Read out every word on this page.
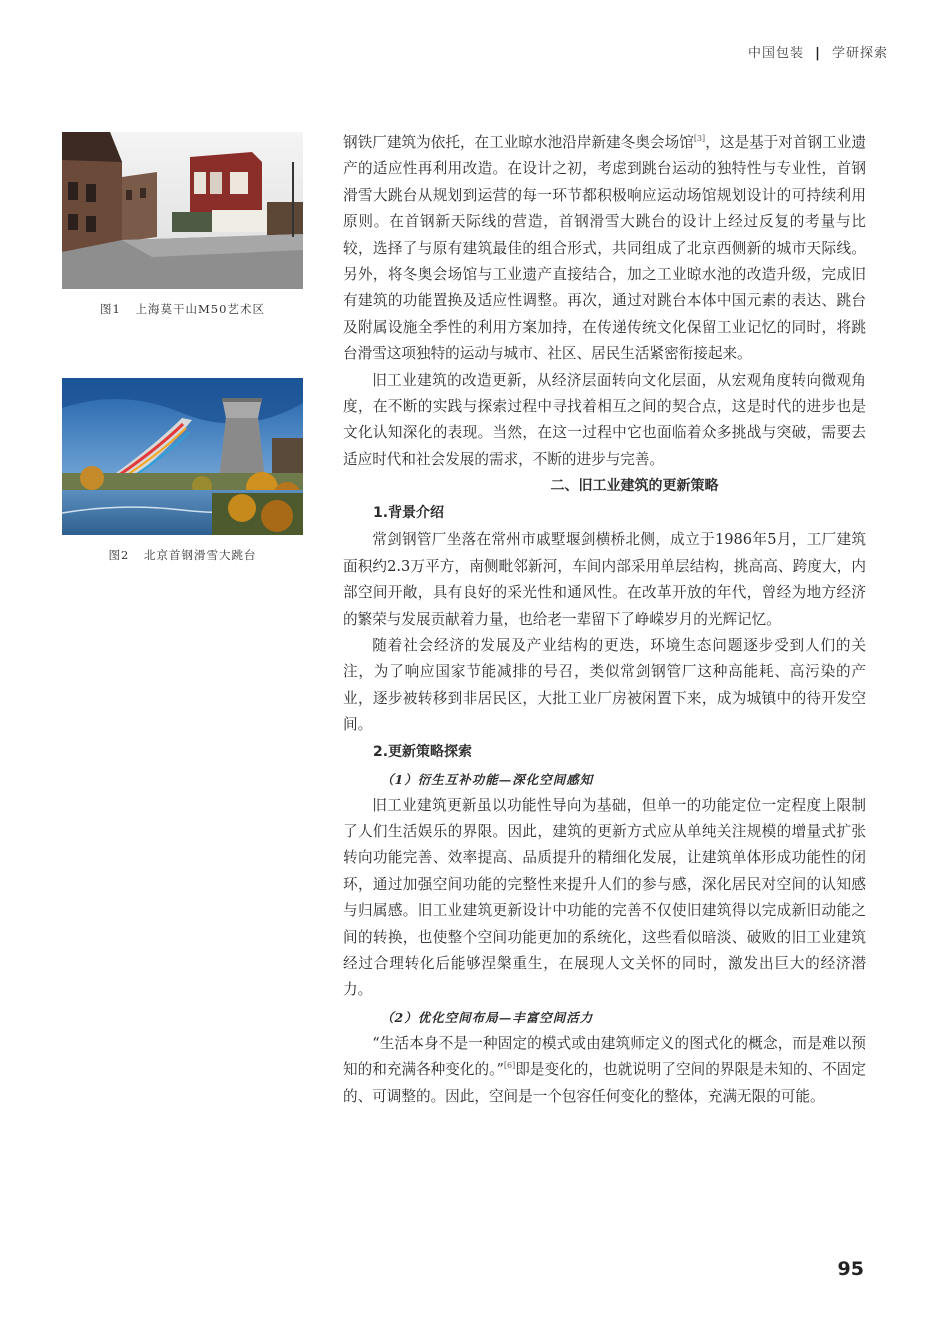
中国包装 | 学研探索
图1 上海莫干山M50艺术区
图2 北京首钢滑雪大跳台

钢铁厂建筑为依托，在工业晾水池沿岸新建冬奥会场馆[3]，这是基于对首钢工业遗产的适应性再利用改造。在设计之初，考虑到跳台运动的独特性与专业性，首钢滑雪大跳台从规划到运营的每一环节都积极响应运动场馆规划设计的可持续利用原则。在首钢新天际线的营造，首钢滑雪大跳台的设计上经过反复的考量与比较，选择了与原有建筑最佳的组合形式，共同组成了北京西侧新的城市天际线。另外，将冬奥会场馆与工业遗产直接结合，加之工业晾水池的改造升级，完成旧有建筑的功能置换及适应性调整。再次，通过对跳台本体中国元素的表达、跳台及附属设施全季性的利用方案加持，在传递传统文化保留工业记忆的同时，将跳台滑雪这项独特的运动与城市、社区、居民生活紧密衔接起来。

旧工业建筑的改造更新，从经济层面转向文化层面，从宏观角度转向微观角度，在不断的实践与探索过程中寻找着相互之间的契合点，这是时代的进步也是文化认知深化的表现。当然，在这一过程中它也面临着众多挑战与突破，需要去适应时代和社会发展的需求，不断的进步与完善。

二、旧工业建筑的更新策略
1.背景介绍

常剑钢管厂坐落在常州市戚墅堰剑横桥北侧，成立于1986年5月，工厂建筑面积约2.3万平方，南侧毗邻新河，车间内部采用单层结构，挑高高、跨度大，内部空间开敞，具有良好的采光性和通风性。在改革开放的年代，曾经为地方经济的繁荣与发展贡献着力量，也给老一辈留下了峥嵘岁月的光辉记忆。

随着社会经济的发展及产业结构的更迭，环境生态问题逐步受到人们的关注，为了响应国家节能减排的号召，类似常剑钢管厂这种高能耗、高污染的产业，逐步被转移到非居民区，大批工业厂房被闲置下来，成为城镇中的待开发空间。

2.更新策略探索
（1）衍生互补功能—深化空间感知

旧工业建筑更新虽以功能性导向为基础，但单一的功能定位一定程度上限制了人们生活娱乐的界限。因此，建筑的更新方式应从单纯关注规模的增量式扩张转向功能完善、效率提高、品质提升的精细化发展，让建筑单体形成功能性的闭环，通过加强空间功能的完整性来提升人们的参与感，深化居民对空间的认知感与归属感。旧工业建筑更新设计中功能的完善不仅使旧建筑得以完成新旧动能之间的转换，也使整个空间功能更加的系统化，这些看似暗淡、破败的旧工业建筑经过合理转化后能够涅槃重生，在展现人文关怀的同时，激发出巨大的经济潜力。

（2）优化空间布局—丰富空间活力

“生活本身不是一种固定的模式或由建筑师定义的图式化的概念，而是难以预知的和充满各种变化的。”[6]即是变化的，也就说明了空间的界限是未知的、不固定的、可调整的。因此，空间是一个包容任何变化的整体，充满无限的可能。

95
